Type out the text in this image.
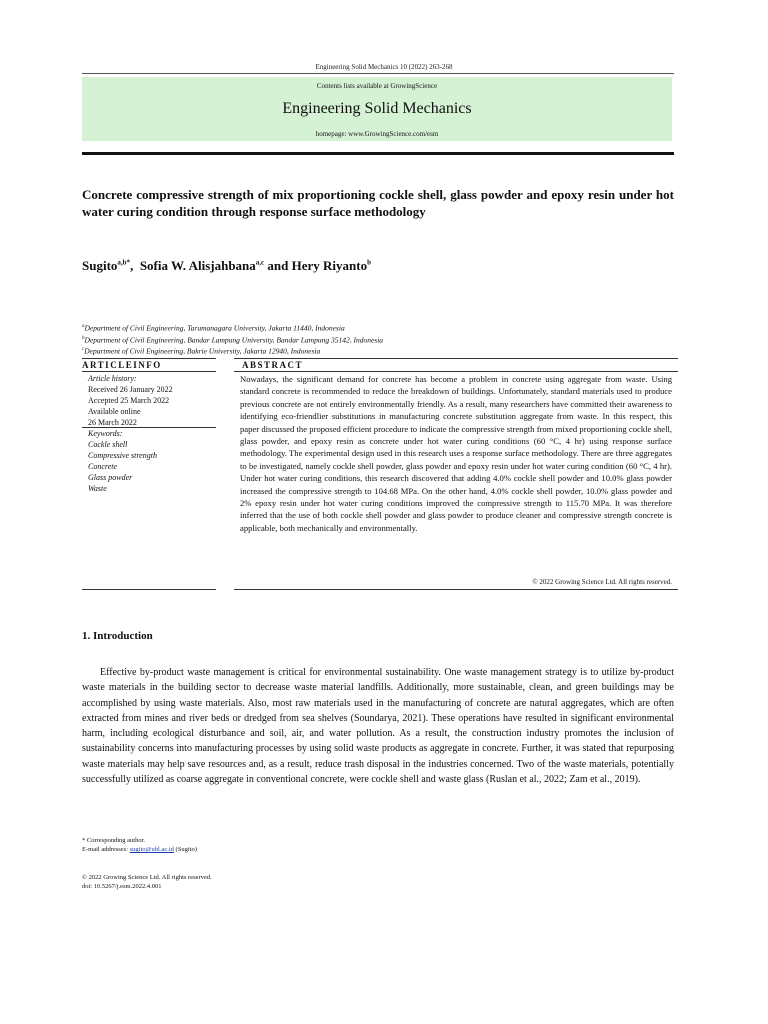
Engineering Solid Mechanics 10 (2022) 263-268
Contents lists available at GrowingScience
Engineering Solid Mechanics
homepage: www.GrowingScience.com/esm
Concrete compressive strength of mix proportioning cockle shell, glass powder and epoxy resin under hot water curing condition through response surface methodology
Sugito$^{a,b*}$,  Sofia W. Alisjahbana$^{a,c}$ and Hery Riyanto$^b$
$^a$Department of Civil Engineering, Tarumanagara University, Jakarta 11440, Indonesia
$^b$Department of Civil Engineering, Bandar Lampung University, Bandar Lampung 35142, Indonesia
$^c$Department of Civil Engineering, Bakrie University, Jakarta 12940, Indonesia
ARTICLEINFO	ABSTRACT
Article history:
Received 26 January 2022
Accepted 25 March 2022
Available online
26 March 2022
Keywords:
Cockle shell
Compressive strength
Concrete
Glass powder
Waste
Nowadays, the significant demand for concrete has become a problem in concrete using aggregate from waste. Using standard concrete is recommended to reduce the breakdown of buildings. Unfortunately, standard materials used to produce previous concrete are not entirely environmentally friendly. As a result, many researchers have committed their awareness to identifying eco-friendlier substitutions in manufacturing concrete substitution aggregate from waste. In this respect, this paper discussed the proposed efficient procedure to indicate the compressive strength from mixed proportioning cockle shell, glass powder, and epoxy resin as concrete under hot water curing conditions (60 °C, 4 hr) using response surface methodology. The experimental design used in this research uses a response surface methodology. There are three aggregates to be investigated, namely cockle shell powder, glass powder and epoxy resin under hot water curing condition (60 °C, 4 hr). Under hot water curing conditions, this research discovered that adding 4.0% cockle shell powder and 10.0% glass powder increased the compressive strength to 104.68 MPa. On the other hand, 4.0% cockle shell powder, 10.0% glass powder and 2% epoxy resin under hot water curing conditions improved the compressive strength to 115.70 MPa. It was therefore inferred that the use of both cockle shell powder and glass powder to produce cleaner and compressive strength concrete is applicable, both mechanically and environmentally.
© 2022 Growing Science Ltd. All rights reserved.
1. Introduction
Effective by-product waste management is critical for environmental sustainability. One waste management strategy is to utilize by-product waste materials in the building sector to decrease waste material landfills. Additionally, more sustainable, clean, and green buildings may be accomplished by using waste materials. Also, most raw materials used in the manufacturing of concrete are natural aggregates, which are often extracted from mines and river beds or dredged from sea shelves (Soundarya, 2021). These operations have resulted in significant environmental harm, including ecological disturbance and soil, air, and water pollution. As a result, the construction industry promotes the inclusion of sustainability concerns into manufacturing processes by using solid waste products as aggregate in concrete. Further, it was stated that repurposing waste materials may help save resources and, as a result, reduce trash disposal in the industries concerned. Two of the waste materials, potentially successfully utilized as coarse aggregate in conventional concrete, were cockle shell and waste glass (Ruslan et al., 2022; Zam et al., 2019).
* Corresponding author.
E-mail addresses: sugito@ubl.ac.id (Sugito)
© 2022 Growing Science Ltd. All rights reserved.
doi: 10.5267/j.esm.2022.4.001
